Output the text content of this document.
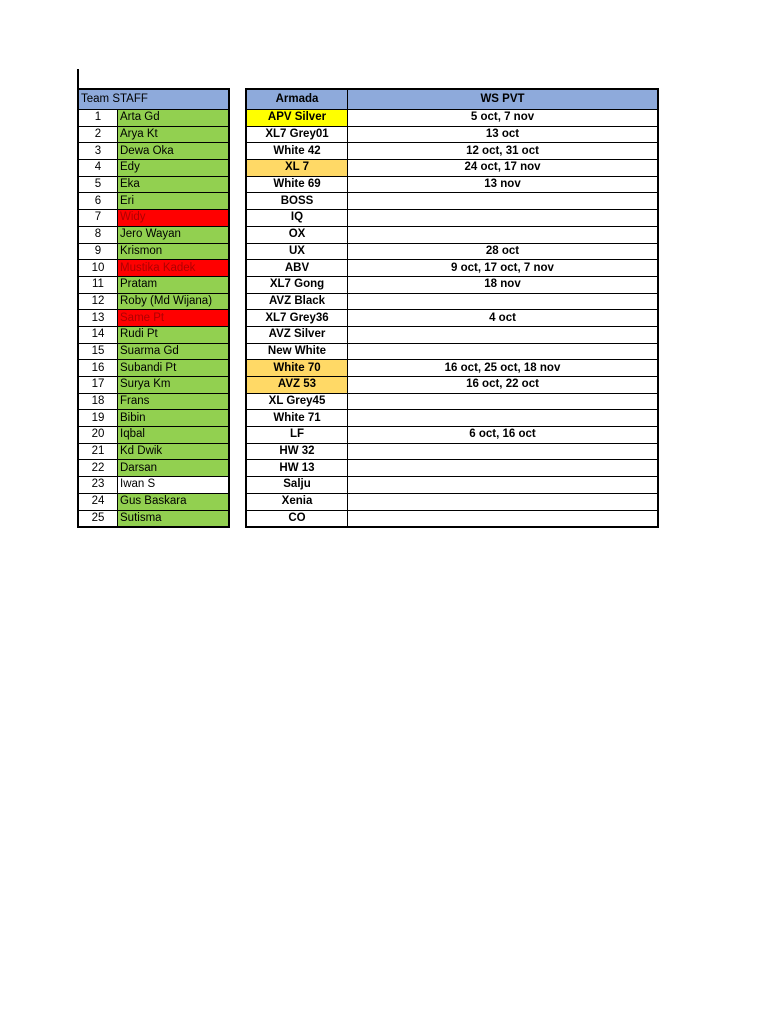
Team STAFF	
1	Arta Gd
2	Arya Kt
3	Dewa Oka
4	Edy
5	Eka
6	Eri
7	Widy
8	Jero Wayan
9	Krismon
10	Mustika Kadek
11	Pratam
12	Roby (Md Wijana)
13	Same Pt
14	Rudi Pt
15	Suarma Gd
16	Subandi Pt
17	Surya Km
18	Frans
19	Bibin
20	Iqbal
21	Kd Dwik
22	Darsan
23	Iwan S
24	Gus Baskara
25	Sutisma
Armada	WS PVT
APV Silver	5 oct, 7 nov
XL7 Grey01	13 oct
White 42	12 oct, 31 oct
XL 7	24 oct, 17 nov
White 69	13 nov
BOSS	
IQ	
OX	
UX	28 oct
ABV	9 oct, 17 oct, 7 nov
XL7 Gong	18 nov
AVZ Black	
XL7 Grey36	4 oct
AVZ Silver	
New White	
White 70	16 oct, 25 oct, 18 nov
AVZ 53	16 oct, 22 oct
XL Grey45	
White 71	
LF	6 oct, 16 oct
HW 32	
HW 13	
Salju	
Xenia	
CO	
